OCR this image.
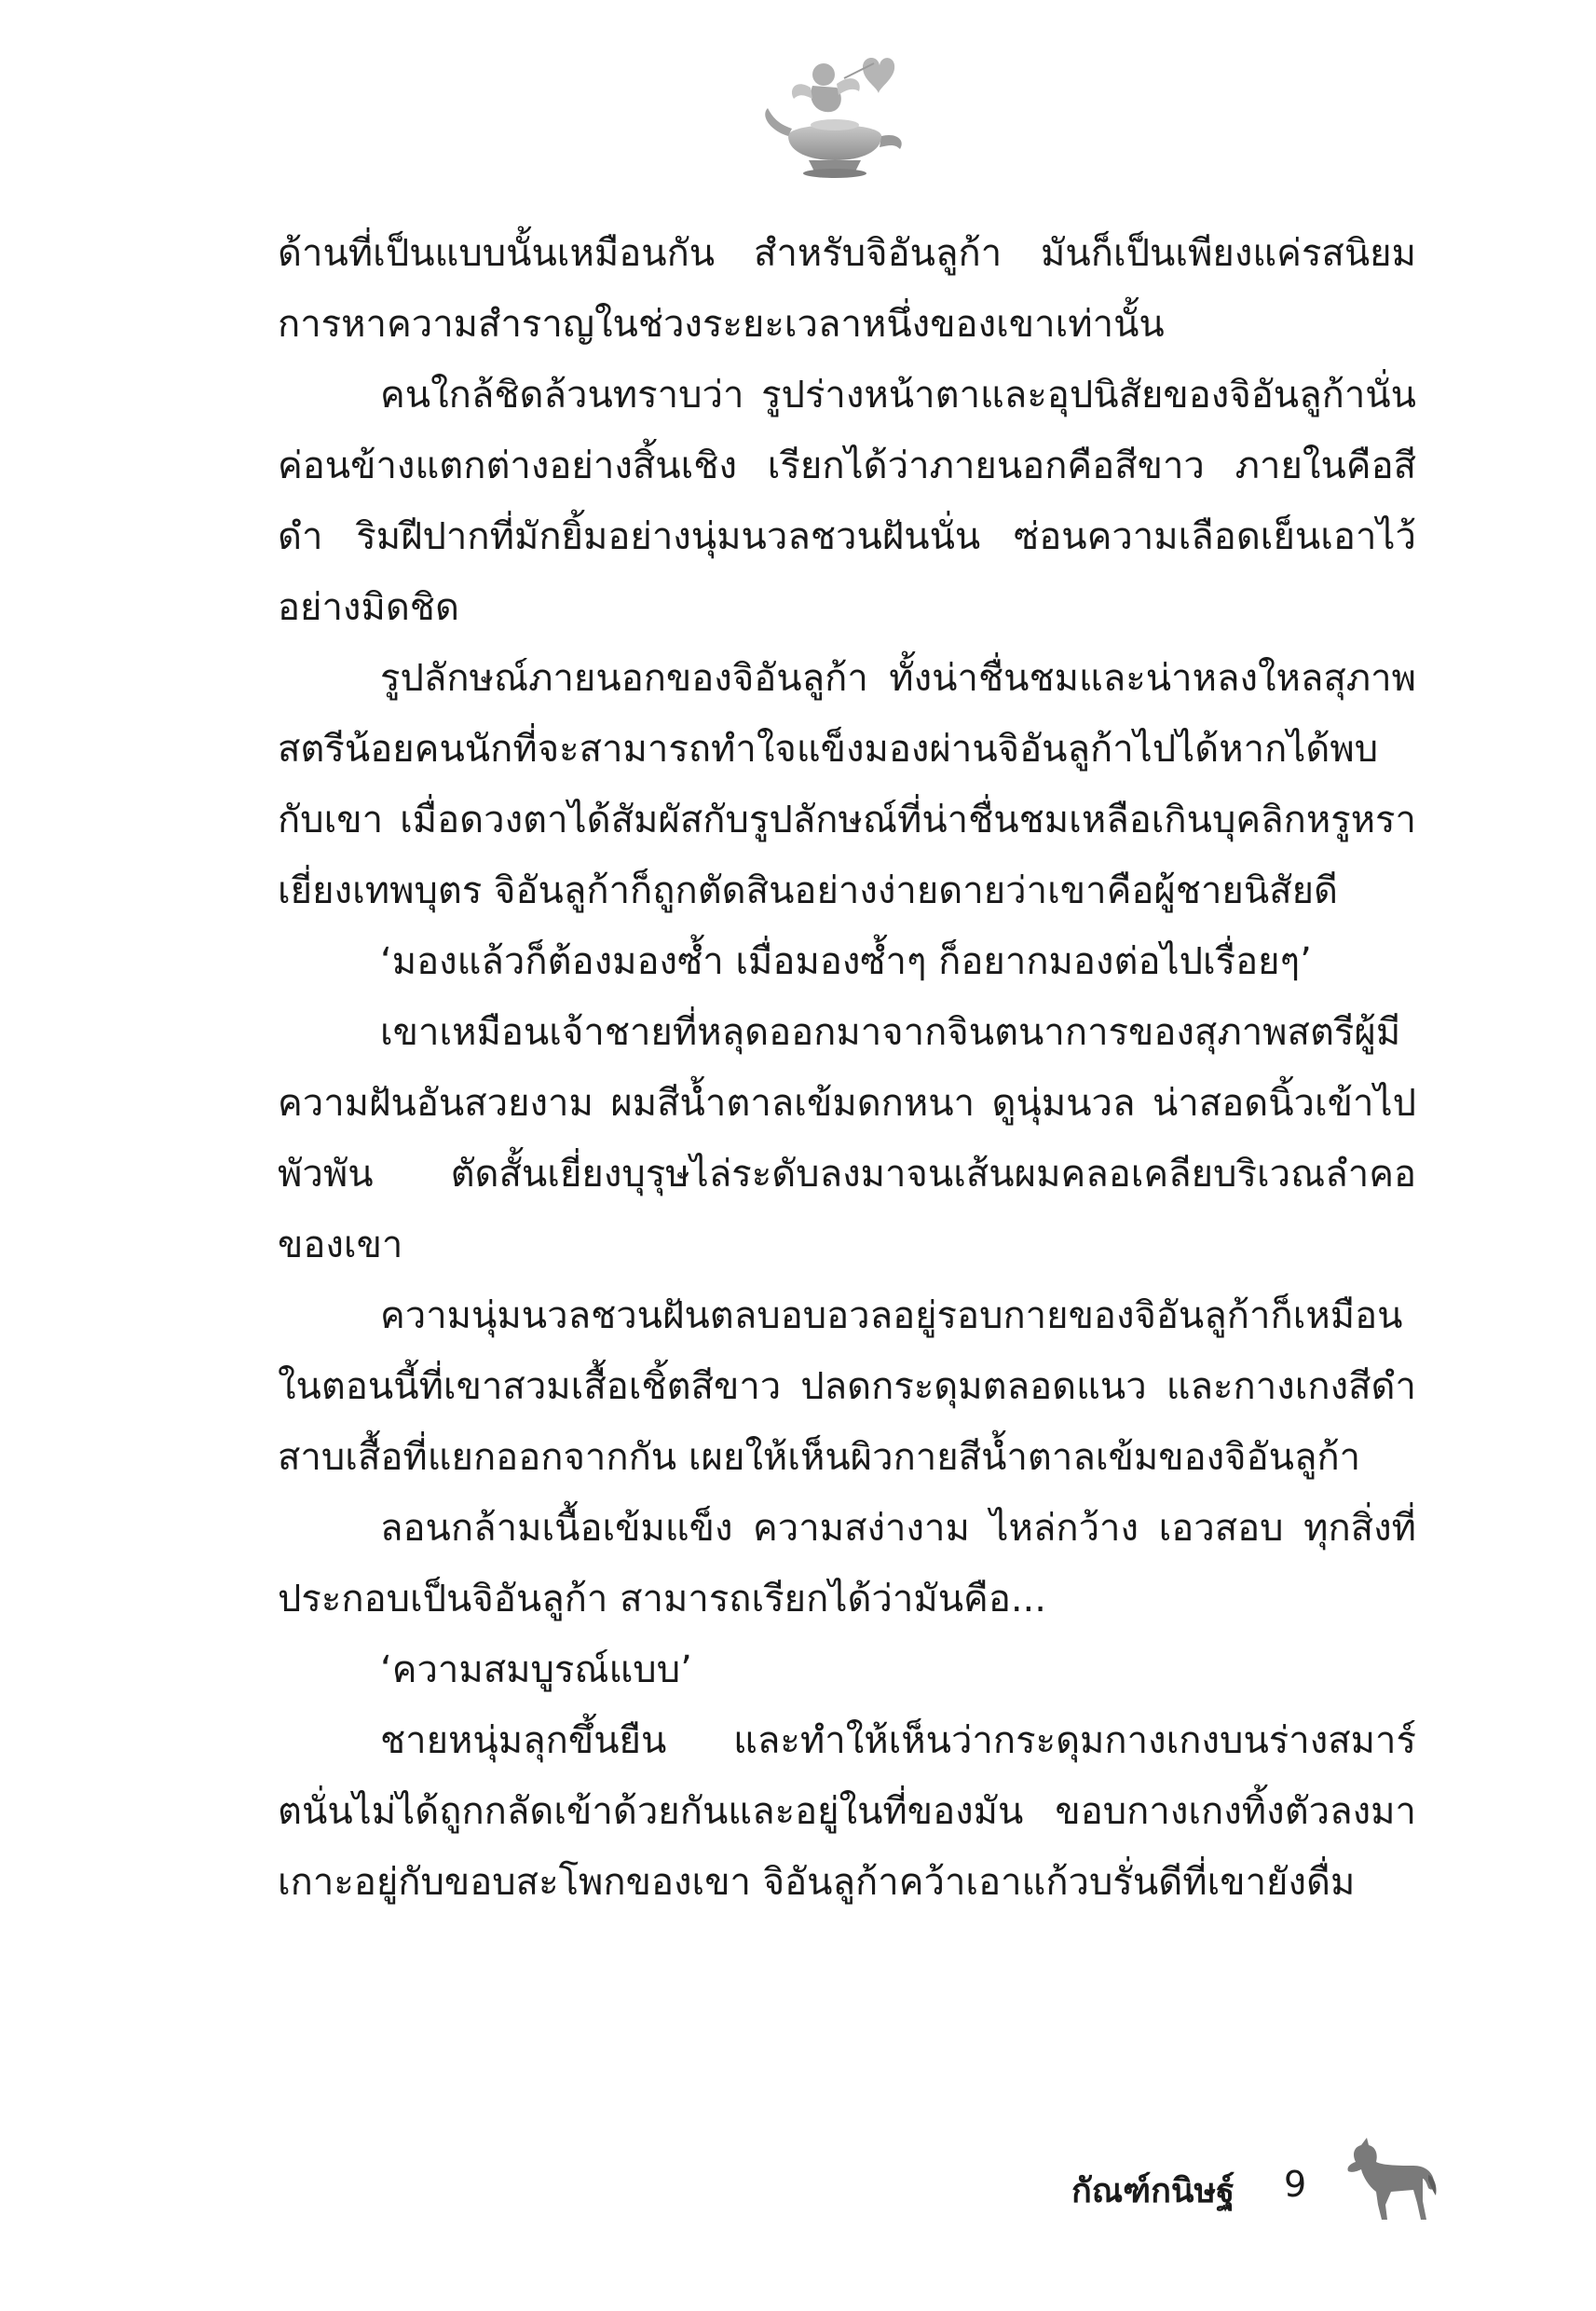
ด้านที่เป็นแบบนั้นเหมือนกัน สำหรับจิอันลูก้า มันก็เป็นเพียงแค่รสนิยมการหาความสำราญในช่วงระยะเวลาหนึ่งของเขาเท่านั้น

คนใกล้ชิดล้วนทราบว่า รูปร่างหน้าตาและอุปนิสัยของจิอันลูก้านั่นค่อนข้างแตกต่างอย่างสิ้นเชิง เรียกได้ว่าภายนอกคือสีขาว ภายในคือสีดำ ริมฝีปากที่มักยิ้มอย่างนุ่มนวลชวนฝันนั่น ซ่อนความเลือดเย็นเอาไว้อย่างมิดชิด

รูปลักษณ์ภายนอกของจิอันลูก้า ทั้งน่าชื่นชมและน่าหลงใหลสุภาพสตรีน้อยคนนักที่จะสามารถทำใจแข็งมองผ่านจิอันลูก้าไปได้หากได้พบกับเขา เมื่อดวงตาได้สัมผัสกับรูปลักษณ์ที่น่าชื่นชมเหลือเกินบุคลิกหรูหราเยี่ยงเทพบุตร จิอันลูก้าก็ถูกตัดสินอย่างง่ายดายว่าเขาคือผู้ชายนิสัยดี

‘มองแล้วก็ต้องมองซ้ำ เมื่อมองซ้ำๆ ก็อยากมองต่อไปเรื่อยๆ’

เขาเหมือนเจ้าชายที่หลุดออกมาจากจินตนาการของสุภาพสตรีผู้มีความฝันอันสวยงาม ผมสีน้ำตาลเข้มดกหนา ดูนุ่มนวล น่าสอดนิ้วเข้าไปพัวพัน ตัดสั้นเยี่ยงบุรุษไล่ระดับลงมาจนเส้นผมคลอเคลียบริเวณลำคอของเขา

ความนุ่มนวลชวนฝันตลบอบอวลอยู่รอบกายของจิอันลูก้าก็เหมือนในตอนนี้ที่เขาสวมเสื้อเชิ้ตสีขาว ปลดกระดุมตลอดแนว และกางเกงสีดำ สาบเสื้อที่แยกออกจากกัน เผยให้เห็นผิวกายสีน้ำตาลเข้มของจิอันลูก้า

ลอนกล้ามเนื้อเข้มแข็ง ความสง่างาม ไหล่กว้าง เอวสอบ ทุกสิ่งที่ประกอบเป็นจิอันลูก้า สามารถเรียกได้ว่ามันคือ...

‘ความสมบูรณ์แบบ’

ชายหนุ่มลุกขึ้นยืน และทำให้เห็นว่ากระดุมกางเกงบนร่างสมาร์ตนั่นไม่ได้ถูกกลัดเข้าด้วยกันและอยู่ในที่ของมัน ขอบกางเกงทิ้งตัวลงมาเกาะอยู่กับขอบสะโพกของเขา จิอันลูก้าคว้าเอาแก้วบรั่นดีที่เขายังดื่ม

กัณฑ์กนิษฐ์ 9
